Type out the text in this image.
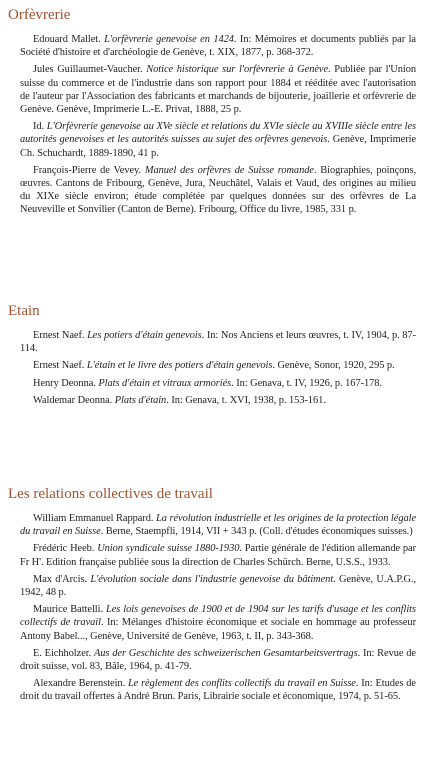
Orfèvrerie

Edouard Mallet. L'orfèvrerie genevoise en 1424. In: Mémoires et documents publiés par la Société d'histoire et d'archéologie de Genève, t. XIX, 1877, p. 368-372.

Jules Guillaumet-Vaucher. Notice historique sur l'orfèvrerie à Genève. Publiée par l'Union suisse du commerce et de l'industrie dans son rapport pour 1884 et rééditée avec l'autorisation de l'auteur par l'Association des fabricants et marchands de bijouterie, joaillerie et orfèvrerie de Genève. Genève, Imprimerie L.-E. Privat, 1888, 25 p.

Id. L'Orfèvrerie genevoise au XVe siècle et relations du XVIe siècle au XVIIIe siècle entre les autorités genevoises et les autorités suisses au sujet des orfèvres genevois. Genève, Imprimerie Ch. Schuchardt, 1889-1890, 41 p.

François-Pierre de Vevey. Manuel des orfèvres de Suisse romande. Biographies, poinçons, œuvres. Cantons de Fribourg, Genève, Jura, Neuchâtel, Valais et Vaud, des origines au milieu du XIXe siècle environ; étude complétée par quelques données sur des orfèvres de La Neuveville et Sonvilier (Canton de Berne). Fribourg, Office du livre, 1985, 331 p.

Etain

Ernest Naef. Les potiers d'étain genevois. In: Nos Anciens et leurs œuvres, t. IV, 1904, p. 87-114.

Ernest Naef. L'étain et le livre des potiers d'étain genevois. Genève, Sonor, 1920, 295 p.

Henry Deonna. Plats d'étain et vitraux armoriés. In: Genava, t. IV, 1926, p. 167-178.

Waldemar Deonna. Plats d'étain. In: Genava, t. XVI, 1938, p. 153-161.

Les relations collectives de travail

William Emmanuel Rappard. La révolution industrielle et les origines de la protection légale du travail en Suisse. Berne, Staempfli, 1914, VII + 343 p. (Coll. d'études économiques suisses.)

Frédéric Heeb. Union syndicale suisse 1880-1930. Partie générale de l'édition allemande par Fr H'. Edition française publiée sous la direction de Charles Schürch. Berne, U.S.S., 1933.

Max d'Arcis. L'évolution sociale dans l'industrie genevoise du bâtiment. Genève, U.A.P.G., 1942, 48 p.

Maurice Battelli. Les lois genevoises de 1900 et de 1904 sur les tarifs d'usage et les conflits collectifs de travail. In: Mélanges d'histoire économique et sociale en hommage au professeur Antony Babel..., Genève, Université de Genève, 1963, t. II, p. 343-368.

E. Eichholzer. Aus der Geschichte des schweizerischen Gesamtarbeitsvertrags. In: Revue de droit suisse, vol. 83, Bâle, 1964, p. 41-79.

Alexandre Berenstein. Le règlement des conflits collectifs du travail en Suisse. In: Etudes de droit du travail offertes à André Brun. Paris, Librairie sociale et économique, 1974, p. 51-65.
